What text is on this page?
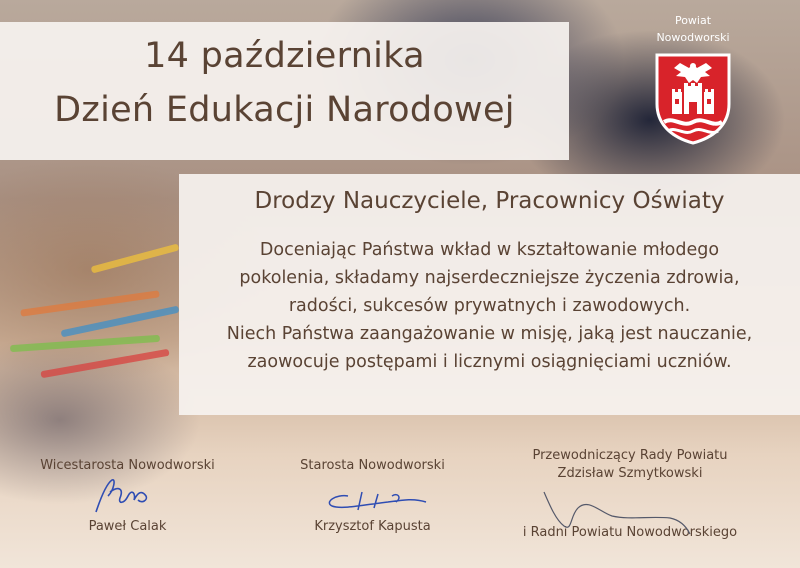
14 października
Dzień Edukacji Narodowej
Powiat
Nowodworski
Drodzy Nauczyciele, Pracownicy Oświaty
Doceniając Państwa wkład w kształtowanie młodego
pokolenia, składamy najserdeczniejsze życzenia zdrowia,
radości, sukcesów prywatnych i zawodowych.
Niech Państwa zaangażowanie w misję, jaką jest nauczanie,
zaowocuje postępami i licznymi osiągnięciami uczniów.
Wicestarosta Nowodworski
Paweł Calak
Starosta Nowodworski
Krzysztof Kapusta
Przewodniczący Rady Powiatu
Zdzisław Szmytkowski
i Radni Powiatu Nowodworskiego
